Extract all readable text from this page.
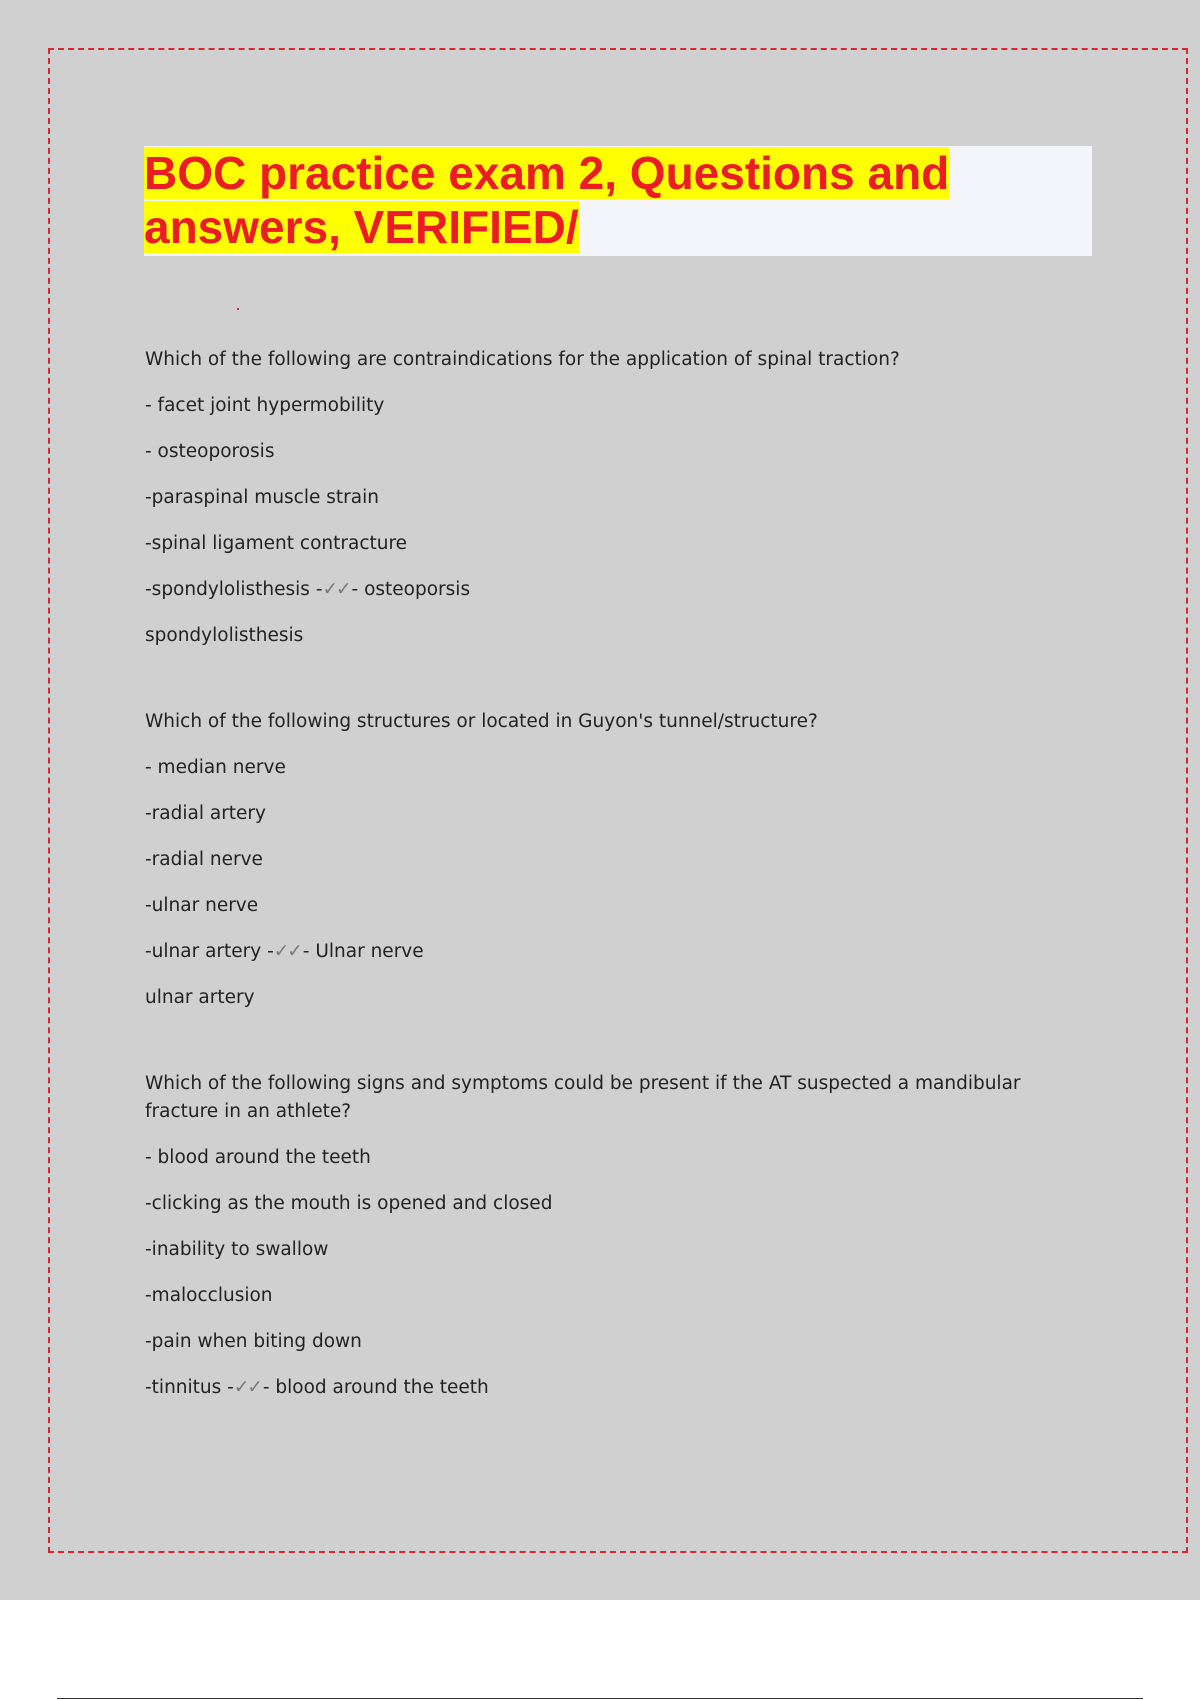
BOC practice exam 2, Questions and
answers, VERIFIED/

Which of the following are contraindications for the application of spinal traction?

- facet joint hypermobility

- osteoporosis

-paraspinal muscle strain

-spinal ligament contracture

-spondylolisthesis -✓✓ - osteoporsis

spondylolisthesis

Which of the following structures or located in Guyon's tunnel/structure?

- median nerve

-radial artery

-radial nerve

-ulnar nerve

-ulnar artery -✓✓ - Ulnar nerve

ulnar artery

Which of the following signs and symptoms could be present if the AT suspected a mandibular fracture in an athlete?

- blood around the teeth

-clicking as the mouth is opened and closed

-inability to swallow

-malocclusion

-pain when biting down

-tinnitus -✓✓ - blood around the teeth
